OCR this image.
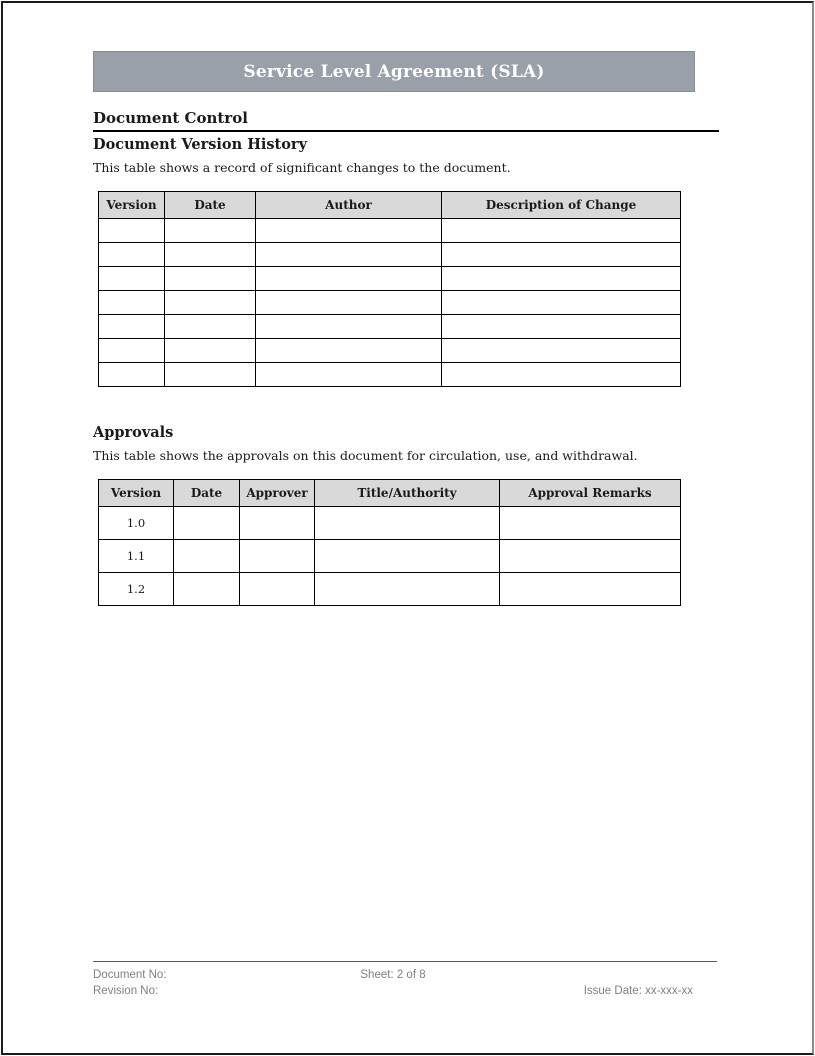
Service Level Agreement (SLA)
Document Control
Document Version History

This table shows a record of significant changes to the document.

Version	Date	Author	Description of Change

Approvals

This table shows the approvals on this document for circulation, use, and withdrawal.

Version	Date	Approver	Title/Authority	Approval Remarks
1.0				
1.1				
1.2				
Document No:	Sheet: 2 of 8
Revision No:	Issue Date: xx-xxx-xx
